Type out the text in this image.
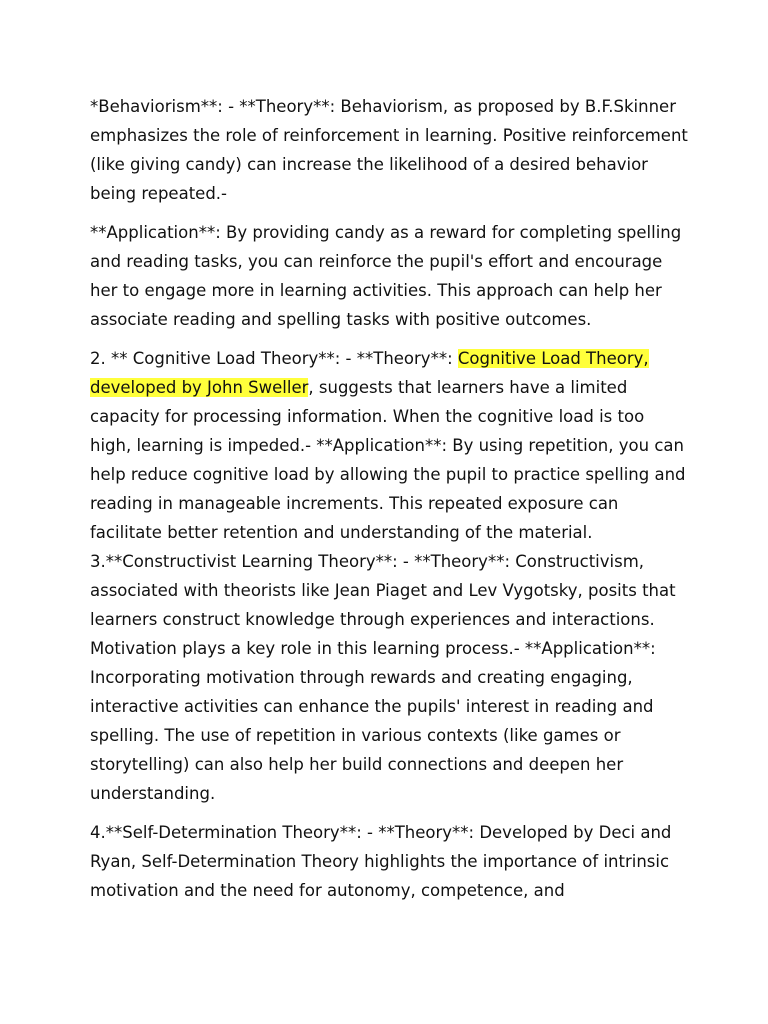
*Behaviorism**: - **Theory**: Behaviorism, as proposed by B.F.Skinner emphasizes the role of reinforcement in learning. Positive reinforcement (like giving candy) can increase the likelihood of a desired behavior being repeated.-

**Application**: By providing candy as a reward for completing spelling and reading tasks, you can reinforce the pupil's effort and encourage her to engage more in learning activities. This approach can help her associate reading and spelling tasks with positive outcomes.

2. ** Cognitive Load Theory**: - **Theory**: Cognitive Load Theory, developed by John Sweller, suggests that learners have a limited capacity for processing information. When the cognitive load is too high, learning is impeded.- **Application**: By using repetition, you can help reduce cognitive load by allowing the pupil to practice spelling and reading in manageable increments. This repeated exposure can facilitate better retention and understanding of the material.

3.**Constructivist Learning Theory**: - **Theory**: Constructivism, associated with theorists like Jean Piaget and Lev Vygotsky, posits that learners construct knowledge through experiences and interactions. Motivation plays a key role in this learning process.- **Application**: Incorporating motivation through rewards and creating engaging, interactive activities can enhance the pupils' interest in reading and spelling. The use of repetition in various contexts (like games or storytelling) can also help her build connections and deepen her understanding.

4.**Self-Determination Theory**: - **Theory**: Developed by Deci and Ryan, Self-Determination Theory highlights the importance of intrinsic motivation and the need for autonomy, competence, and
